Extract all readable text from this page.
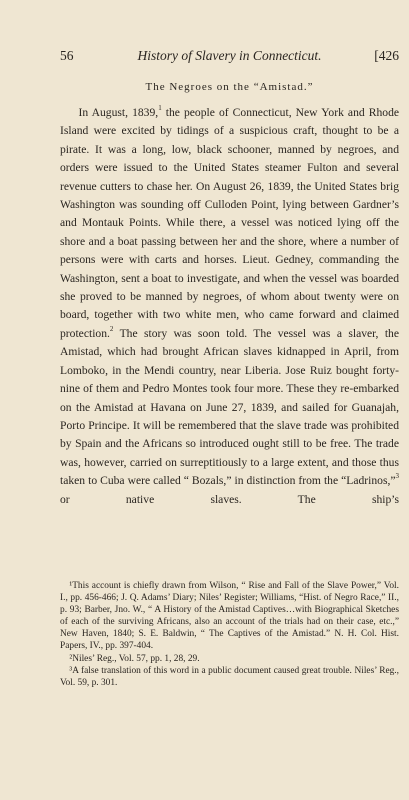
56	History of Slavery in Connecticut.	[426
The Negroes on the “Amistad.”

In August, 1839,$^1$ the people of Connecticut, New York and Rhode Island were excited by tidings of a suspicious craft, thought to be a pirate. It was a long, low, black schooner, manned by negroes, and orders were issued to the United States steamer Fulton and several revenue cutters to chase her. On August 26, 1839, the United States brig Washington was sounding off Culloden Point, lying between Gardner’s and Montauk Points. While there, a vessel was noticed lying off the shore and a boat passing between her and the shore, where a number of persons were with carts and horses. Lieut. Gedney, commanding the Washington, sent a boat to investigate, and when the vessel was boarded she proved to be manned by negroes, of whom about twenty were on board, together with two white men, who came forward and claimed protection.$^2$ The story was soon told. The vessel was a slaver, the Amistad, which had brought African slaves kidnapped in April, from Lomboko, in the Mendi country, near Liberia. Jose Ruiz bought forty-nine of them and Pedro Montes took four more. These they re-embarked on the Amistad at Havana on June 27, 1839, and sailed for Guanajah, Porto Principe. It will be remembered that the slave trade was prohibited by Spain and the Africans so introduced ought still to be free. The trade was, however, carried on surreptitiously to a large extent, and those thus taken to Cuba were called “ Bozals,” in distinction from the “Ladrinos,”$^3$ or native slaves. The ship’s

¹This account is chiefly drawn from Wilson, “ Rise and Fall of the Slave Power,” Vol. I., pp. 456-466; J. Q. Adams’ Diary; Niles’ Register; Williams, “Hist. of Negro Race,” II., p. 93; Barber, Jno. W., “ A History of the Amistad Captives…with Biographical Sketches of each of the surviving Africans, also an account of the trials had on their case, etc.,” New Haven, 1840; S. E. Baldwin, “ The Captives of the Amistad.” N. H. Col. Hist. Papers, IV., pp. 397-404.

²Niles’ Reg., Vol. 57, pp. 1, 28, 29.

³A false translation of this word in a public document caused great trouble. Niles’ Reg., Vol. 59, p. 301.
